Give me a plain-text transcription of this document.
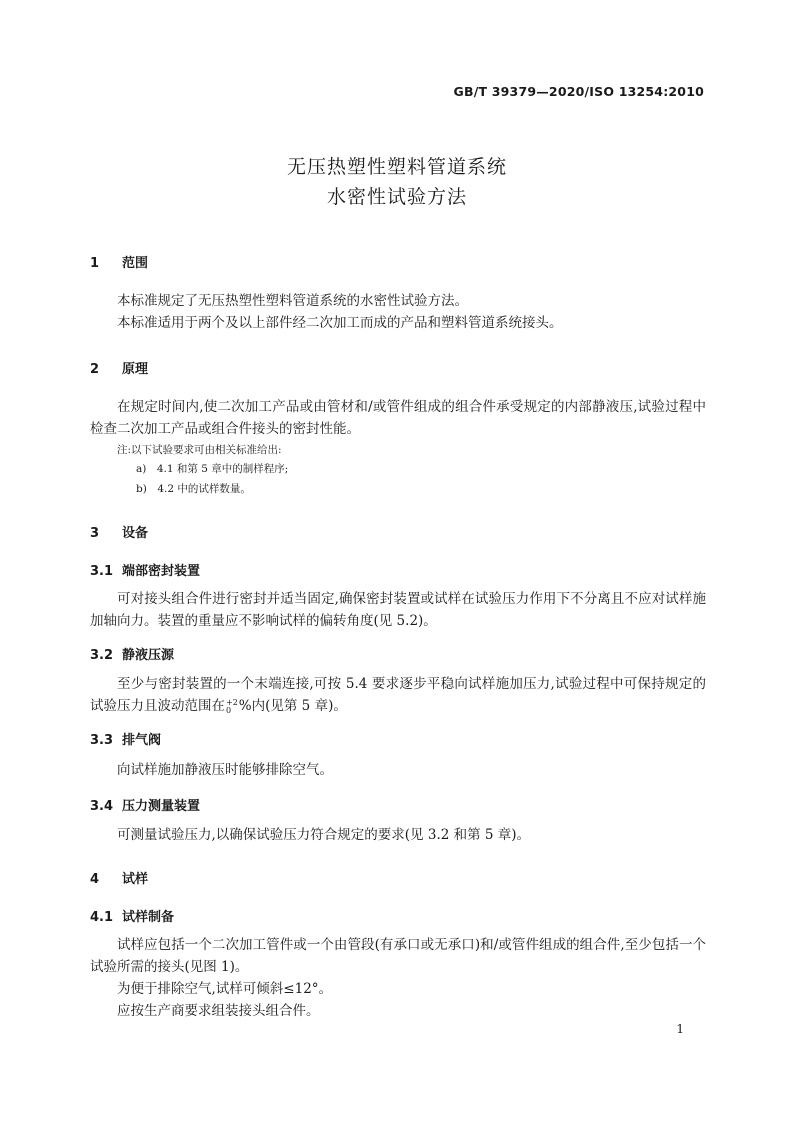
GB/T 39379—2020/ISO 13254:2010
无压热塑性塑料管道系统
水密性试验方法
1 范围

本标准规定了无压热塑性塑料管道系统的水密性试验方法。

本标准适用于两个及以上部件经二次加工而成的产品和塑料管道系统接头。

2 原理

在规定时间内,使二次加工产品或由管材和/或管件组成的组合件承受规定的内部静液压,试验过程中检查二次加工产品或组合件接头的密封性能。

注:以下试验要求可由相关标准给出:
a)　4.1 和第 5 章中的制样程序;
b)　4.2 中的试样数量。
3 设备
3.1 端部密封装置

可对接头组合件进行密封并适当固定,确保密封装置或试样在试验压力作用下不分离且不应对试样施加轴向力。装置的重量应不影响试样的偏转角度(见 5.2)。

3.2 静液压源

至少与密封装置的一个末端连接,可按 5.4 要求逐步平稳向试样施加压力,试验过程中可保持规定的试验压力且波动范围在 +2
0 %内(见第 5 章)。

3.3 排气阀

向试样施加静液压时能够排除空气。

3.4 压力测量装置

可测量试验压力,以确保试验压力符合规定的要求(见 3.2 和第 5 章)。

4 试样
4.1 试样制备

试样应包括一个二次加工管件或一个由管段(有承口或无承口)和/或管件组成的组合件,至少包括一个试验所需的接头(见图 1)。

为便于排除空气,试样可倾斜≤12°。

应按生产商要求组装接头组合件。

1
